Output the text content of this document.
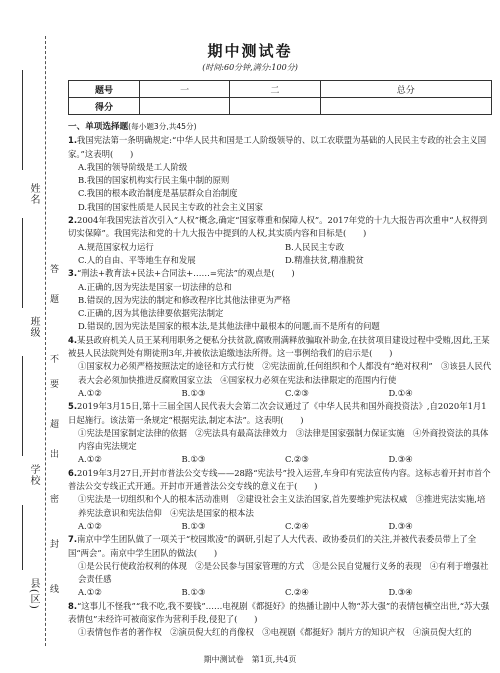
姓名
班级
学校
县(区)
答
题
不
要
超
出
密
封
线
期中测试卷
(时间:60分钟,满分:100分)
题号	一	二	总分
得分			
一、单项选择题(每小题3分,共45分)

1.我国宪法第一条明确规定:“中华人民共和国是工人阶级领导的、以工农联盟为基础的人民民主专政的社会主义国家。”这表明(　　)

A.我国的领导阶级是工人阶级

B.我国的国家机构实行民主集中制的原则

C.我国的根本政治制度是基层群众自治制度

D.我国的国家性质是人民民主专政的社会主义国家

2.2004年我国宪法首次引入“人权”概念,确定“国家尊重和保障人权”。2017年党的十九大报告再次重申“人权得到切实保障”。我国宪法和党的十九大报告中提到的人权,其实质内容和目标是(　　)

A.规范国家权力运行	B.人民民主专政
C.人的自由、平等地生存和发展	D.精准扶贫,精准脱贫

3.“刑法+教育法+民法+合同法+……=宪法”的观点是(　　)

A.正确的,因为宪法是国家一切法律的总和

B.错误的,因为宪法的制定和修改程序比其他法律更为严格

C.正确的,因为其他法律要依据宪法制定

D.错误的,因为宪法是国家的根本法,是其他法律中最根本的问题,而不是所有的问题

4.某县政府机关人员王某利用职务之便私分扶贫款,腐败刑满释放骗取补助金,在扶贫项目建设过程中受贿,因此,王某被县人民法院判处有期徒刑3年,并被依法追缴违法所得。这一事例给我们的启示是(　　)

①国家权力必须严格按照法定的途径和方式行使　②宪法面前,任何组织和个人都没有“绝对权利”　③该县人民代表大会必须加快推进反腐败国家立法　④国家权力必须在宪法和法律限定的范围内行使

A.①②	B.①③	C.②③	D.①④

5.2019年3月15日,第十三届全国人民代表大会第二次会议通过了《中华人民共和国外商投资法》,自2020年1月1日起施行。该法第一条规定“根据宪法,制定本法”。这表明(　　)

①宪法是国家制定法律的依据　②宪法具有最高法律效力　③法律是国家强制力保证实施　④外商投资法的具体内容由宪法规定

A.①②	B.①③	C.②③	D.③④

6.2019年3月27日,开封市普法公交专线——28路“宪法号”投入运营,车身印有宪法宣传内容。这标志着开封市首个普法公交专线正式开通。开封市开通普法公交专线的意义在于(　　)

①宪法是一切组织和个人的根本活动准则　②建设社会主义法治国家,首先要维护宪法权威　③推进宪法实施,培养宪法意识和宪法信仰　④宪法是国家的根本法

A.①②	B.①③	C.②④	D.③④

7.南京中学生团队做了一项关于“校园欺凌”的调研,引起了人大代表、政协委员们的关注,并被代表委员带上了全国“两会”。南京中学生团队的做法(　　)

①是公民行使政治权利的体现　②是公民参与国家管理的方式　③是公民自觉履行义务的表现　④有利于增强社会责任感

A.①②	B.①③	C.②④	D.③④

8.“这事儿不怪我”“我不吃,我不要钱”……电视剧《都挺好》的热播让剧中人物“苏大强”的表情包横空出世,“苏大强表情包”未经许可被商家作为营利手段,侵犯了(　　)

①表情包作者的著作权　②演员倪大红的肖像权　③电视剧《都挺好》制片方的知识产权　④演员倪大红的

期中测试卷　第1页,共4页
